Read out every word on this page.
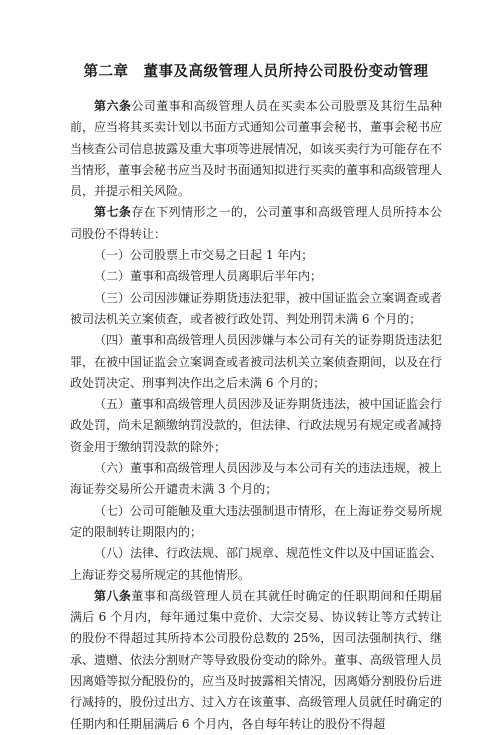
第二章　董事及高级管理人员所持公司股份变动管理

第六条公司董事和高级管理人员在买卖本公司股票及其衍生品种前，应当将其买卖计划以书面方式通知公司董事会秘书，董事会秘书应当核查公司信息披露及重大事项等进展情况，如该买卖行为可能存在不当情形，董事会秘书应当及时书面通知拟进行买卖的董事和高级管理人员，并提示相关风险。

第七条存在下列情形之一的，公司董事和高级管理人员所持本公司股份不得转让：

（一）公司股票上市交易之日起 1 年内；

（二）董事和高级管理人员离职后半年内；

（三）公司因涉嫌证券期货违法犯罪，被中国证监会立案调查或者被司法机关立案侦查，或者被行政处罚、判处刑罚未满 6 个月的；

（四）董事和高级管理人员因涉嫌与本公司有关的证券期货违法犯罪，在被中国证监会立案调查或者被司法机关立案侦查期间，以及在行政处罚决定、刑事判决作出之后未满 6 个月的；

（五）董事和高级管理人员因涉及证券期货违法，被中国证监会行政处罚，尚未足额缴纳罚没款的，但法律、行政法规另有规定或者减持资金用于缴纳罚没款的除外；

（六）董事和高级管理人员因涉及与本公司有关的违法违规，被上海证券交易所公开谴责未满 3 个月的；

（七）公司可能触及重大违法强制退市情形，在上海证券交易所规定的限制转让期限内的；

（八）法律、行政法规、部门规章、规范性文件以及中国证监会、上海证券交易所规定的其他情形。

第八条董事和高级管理人员在其就任时确定的任职期间和任期届满后 6 个月内，每年通过集中竞价、大宗交易、协议转让等方式转让的股份不得超过其所持本公司股份总数的 25%，因司法强制执行、继承、遗赠、依法分割财产等导致股份变动的除外。董事、高级管理人员因离婚等拟分配股份的，应当及时披露相关情况，因离婚分割股份后进行减持的，股份过出方、过入方在该董事、高级管理人员就任时确定的任期内和任期届满后 6 个月内，各自每年转让的股份不得超
